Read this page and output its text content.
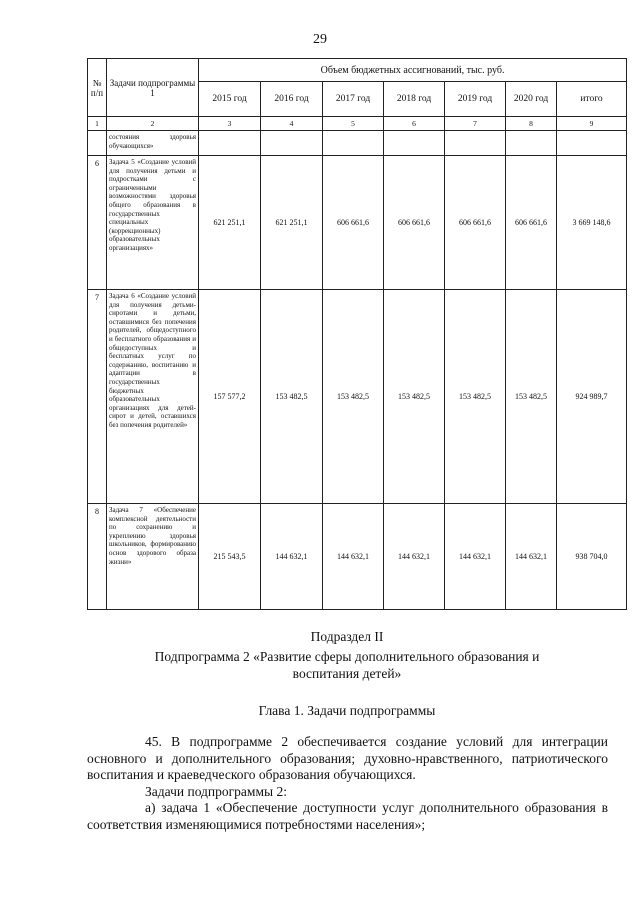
29
№ п/п	Задачи подпрограммы 1	Объем бюджетных ассигнований, тыс. руб.						
		2015 год	2016 год	2017 год	2018 год	2019 год	2020 год	итого
1	2	3	4	5	6	7	8	9
	состояния здоровья обучающихся»							
6	Задача 5 «Создание условий для получения детьми и подростками с ограниченными возможностями здоровья общего образования в государственных специальных (коррекционных) образовательных организациях»	621 251,1	621 251,1	606 661,6	606 661,6	606 661,6	606 661,6	3 669 148,6
7	Задача 6 «Создание условий для получения детьми-сиротами и детьми, оставшимися без попечения родителей, общедоступного и бесплатного образования и общедоступных и бесплатных услуг по содержанию, воспитанию и адаптации в государственных бюджетных образовательных организациях для детей-сирот и детей, оставшихся без попечения родителей»	157 577,2	153 482,5	153 482,5	153 482,5	153 482,5	153 482,5	924 989,7
8	Задача 7 «Обеспечение комплексной деятельности по сохранению и укреплению здоровья школьников, формированию основ здорового образа жизни»	215 543,5	144 632,1	144 632,1	144 632,1	144 632,1	144 632,1	938 704,0
Подраздел II
Подпрограмма 2 «Развитие сферы дополнительного образования и
воспитания детей»
Глава 1. Задачи подпрограммы

45. В подпрограмме 2 обеспечивается создание условий для интеграции основного и дополнительного образования; духовно-нравственного, патриотического воспитания и краеведческого образования обучающихся.

Задачи подпрограммы 2:

а) задача 1 «Обеспечение доступности услуг дополнительного образования в соответствия изменяющимися потребностями населения»;
